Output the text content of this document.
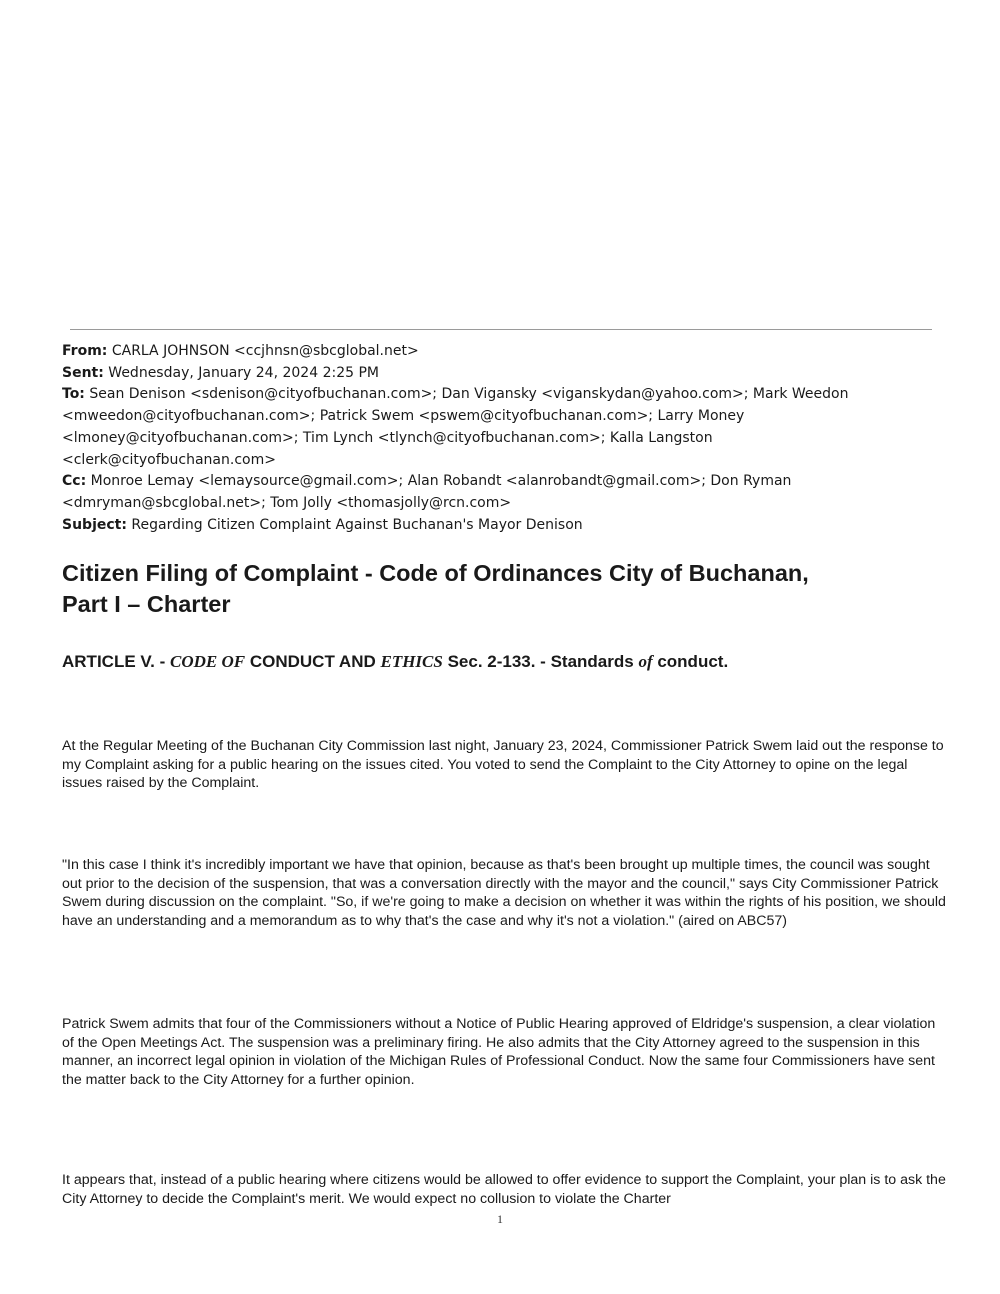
From: CARLA JOHNSON <ccjhnsn@sbcglobal.net>

Sent: Wednesday, January 24, 2024 2:25 PM

To: Sean Denison <sdenison@cityofbuchanan.com>; Dan Vigansky <viganskydan@yahoo.com>; Mark Weedon

<mweedon@cityofbuchanan.com>; Patrick Swem <pswem@cityofbuchanan.com>; Larry Money

<lmoney@cityofbuchanan.com>; Tim Lynch <tlynch@cityofbuchanan.com>; Kalla Langston

<clerk@cityofbuchanan.com>

Cc: Monroe Lemay <lemaysource@gmail.com>; Alan Robandt <alanrobandt@gmail.com>; Don Ryman

<dmryman@sbcglobal.net>; Tom Jolly <thomasjolly@rcn.com>

Subject: Regarding Citizen Complaint Against Buchanan's Mayor Denison

Citizen Filing of Complaint - Code of Ordinances City of Buchanan,
Part I – Charter
ARTICLE V. - CODE OF CONDUCT AND ETHICS Sec. 2-133. - Standards of conduct.

At the Regular Meeting of the Buchanan City Commission last night, January 23, 2024, Commissioner Patrick Swem laid out the response to my Complaint asking for a public hearing on the issues cited. You voted to send the Complaint to the City Attorney to opine on the legal issues raised by the Complaint.

"In this case I think it's incredibly important we have that opinion, because as that's been brought up multiple times, the council was sought out prior to the decision of the suspension, that was a conversation directly with the mayor and the council," says City Commissioner Patrick Swem during discussion on the complaint. "So, if we're going to make a decision on whether it was within the rights of his position, we should have an understanding and a memorandum as to why that's the case and why it's not a violation." (aired on ABC57)

Patrick Swem admits that four of the Commissioners without a Notice of Public Hearing approved of Eldridge's suspension, a clear violation of the Open Meetings Act. The suspension was a preliminary firing. He also admits that the City Attorney agreed to the suspension in this manner, an incorrect legal opinion in violation of the Michigan Rules of Professional Conduct. Now the same four Commissioners have sent the matter back to the City Attorney for a further opinion.

It appears that, instead of a public hearing where citizens would be allowed to offer evidence to support the Complaint, your plan is to ask the City Attorney to decide the Complaint's merit. We would expect no collusion to violate the Charter

1
